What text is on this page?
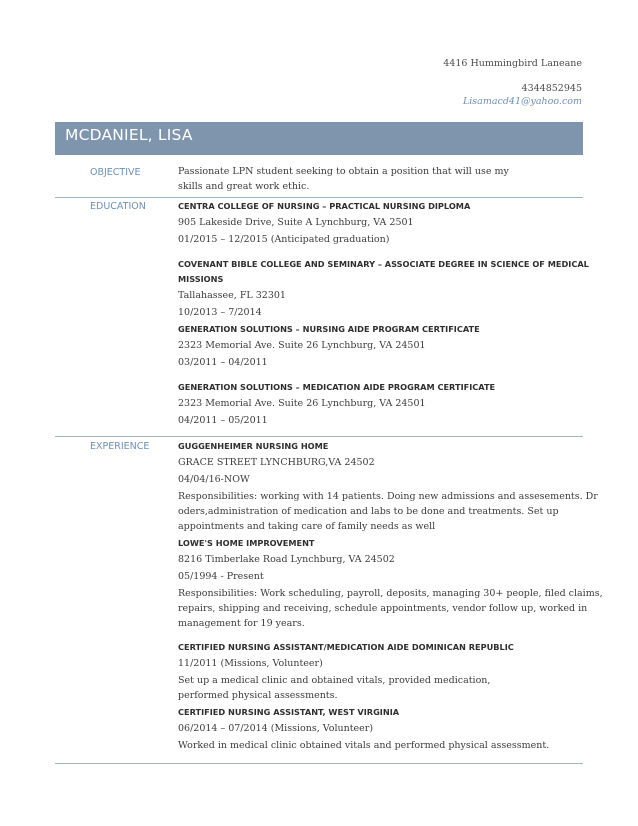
4416 Hummingbird Laneane
4344852945
Lisamacd41@yahoo.com
MCDANIEL, LISA
OBJECTIVE	Passionate LPN student seeking to obtain a position that will use my
skills and great work ethic.
EDUCATION	CENTRA COLLEGE OF NURSING – PRACTICAL NURSING DIPLOMA
905 Lakeside Drive, Suite A Lynchburg, VA 2501
01/2015 – 12/2015 (Anticipated graduation)
COVENANT BIBLE COLLEGE AND SEMINARY – ASSOCIATE DEGREE IN SCIENCE OF MEDICAL
MISSIONS
Tallahassee, FL 32301
10/2013 – 7/2014
GENERATION SOLUTIONS – NURSING AIDE PROGRAM CERTIFICATE
2323 Memorial Ave. Suite 26 Lynchburg, VA 24501
03/2011 – 04/2011
GENERATION SOLUTIONS – MEDICATION AIDE PROGRAM CERTIFICATE
2323 Memorial Ave. Suite 26 Lynchburg, VA 24501
04/2011 – 05/2011
EXPERIENCE	GUGGENHEIMER NURSING HOME
GRACE STREET LYNCHBURG,VA 24502
04/04/16-NOW
Responsibilities: working with 14 patients. Doing new admissions and assesements. Dr
oders,administration of medication and labs to be done and treatments. Set up
appointments and taking care of family needs as well
LOWE'S HOME IMPROVEMENT
8216 Timberlake Road Lynchburg, VA 24502
05/1994 - Present
Responsibilities: Work scheduling, payroll, deposits, managing 30+ people, filed claims,
repairs, shipping and receiving, schedule appointments, vendor follow up, worked in
management for 19 years.
CERTIFIED NURSING ASSISTANT/MEDICATION AIDE DOMINICAN REPUBLIC
11/2011 (Missions, Volunteer)
Set up a medical clinic and obtained vitals, provided medication,
performed physical assessments.
CERTIFIED NURSING ASSISTANT, WEST VIRGINIA
06/2014 – 07/2014 (Missions, Volunteer)
Worked in medical clinic obtained vitals and performed physical assessment.
